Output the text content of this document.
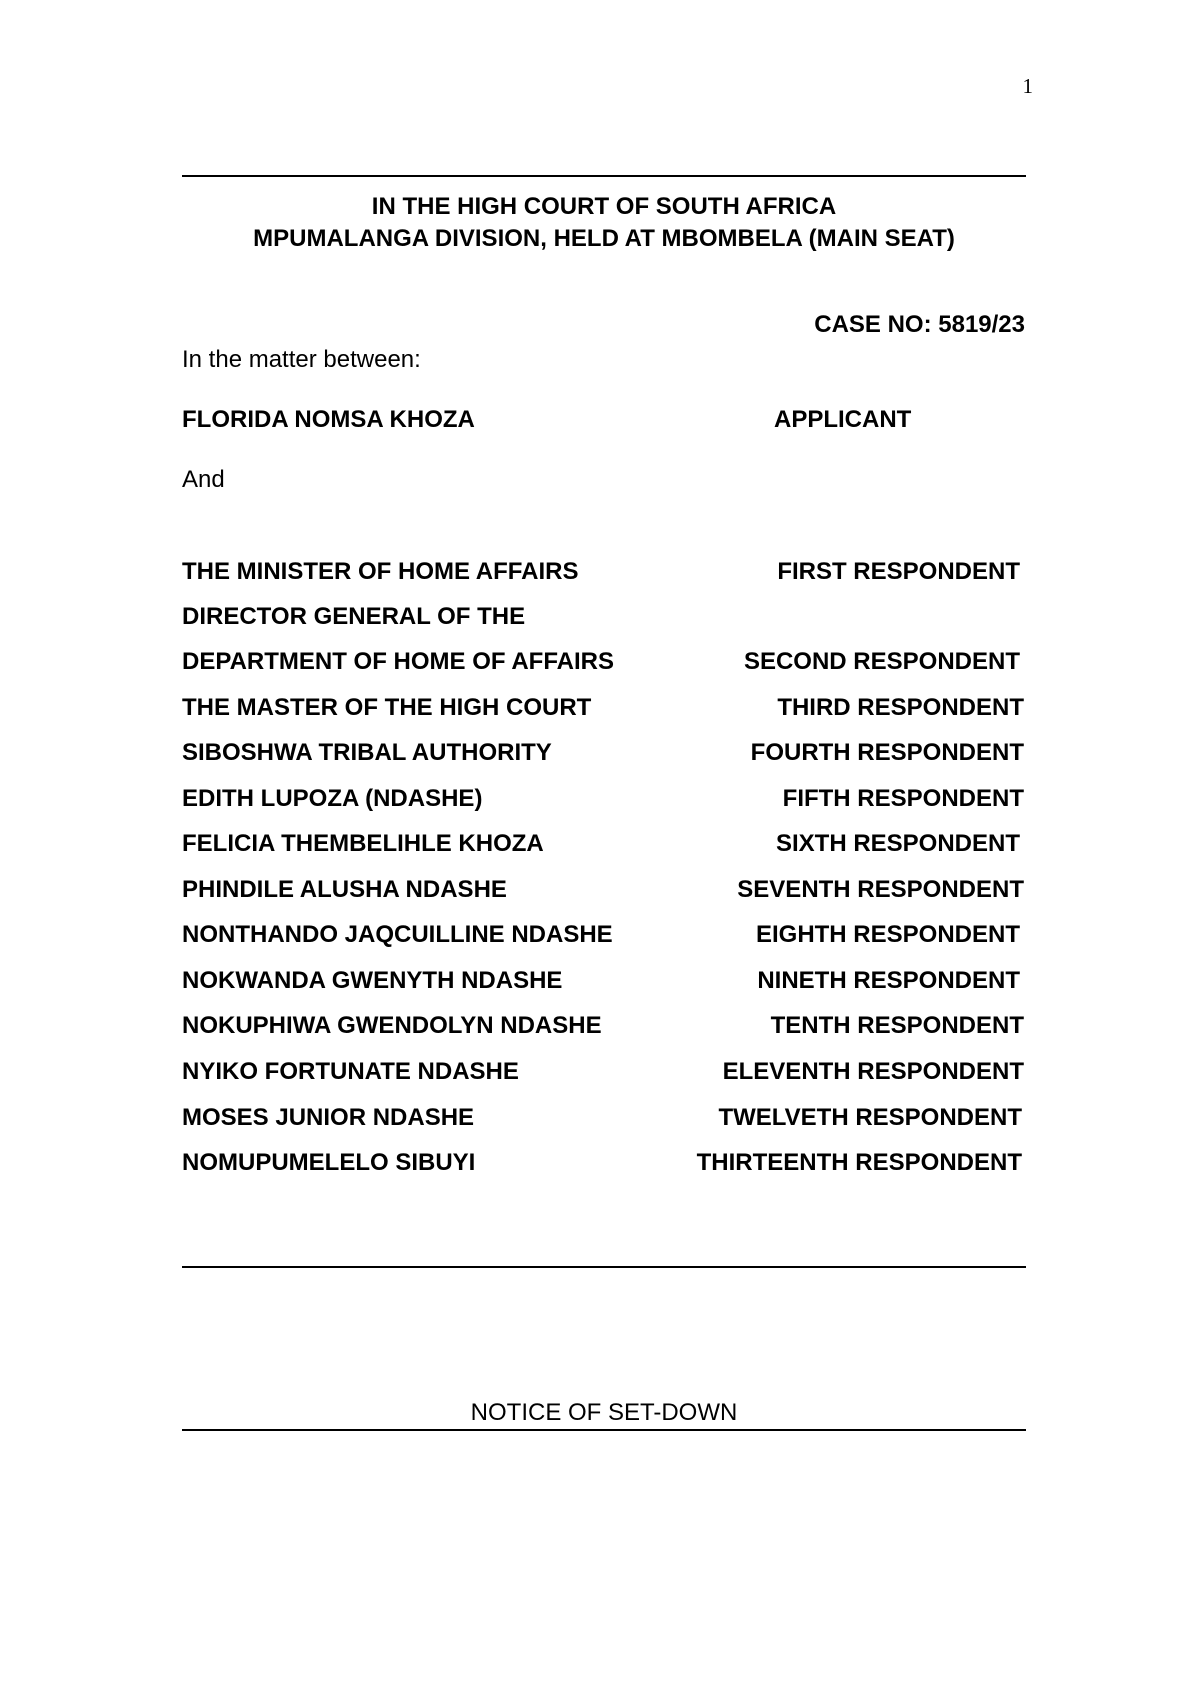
1
IN THE HIGH COURT OF SOUTH AFRICA
MPUMALANGA DIVISION, HELD AT MBOMBELA (MAIN SEAT)
CASE NO: 5819/23
In the matter between:
FLORIDA NOMSA KHOZA	APPLICANT
And
THE MINISTER OF HOME AFFAIRS	FIRST RESPONDENT
DIRECTOR GENERAL OF THE
DEPARTMENT OF HOME OF AFFAIRS	SECOND RESPONDENT
THE MASTER OF THE HIGH COURT	THIRD RESPONDENT
SIBOSHWA TRIBAL AUTHORITY	FOURTH RESPONDENT
EDITH LUPOZA (NDASHE)	FIFTH RESPONDENT
FELICIA THEMBELIHLE KHOZA	SIXTH RESPONDENT
PHINDILE ALUSHA NDASHE	SEVENTH RESPONDENT
NONTHANDO JAQCUILLINE NDASHE	EIGHTH RESPONDENT
NOKWANDA GWENYTH NDASHE	NINETH RESPONDENT
NOKUPHIWA GWENDOLYN NDASHE	TENTH RESPONDENT
NYIKO FORTUNATE NDASHE	ELEVENTH RESPONDENT
MOSES JUNIOR NDASHE	TWELVETH RESPONDENT
NOMUPUMELELO SIBUYI	THIRTEENTH RESPONDENT
NOTICE OF SET-DOWN
